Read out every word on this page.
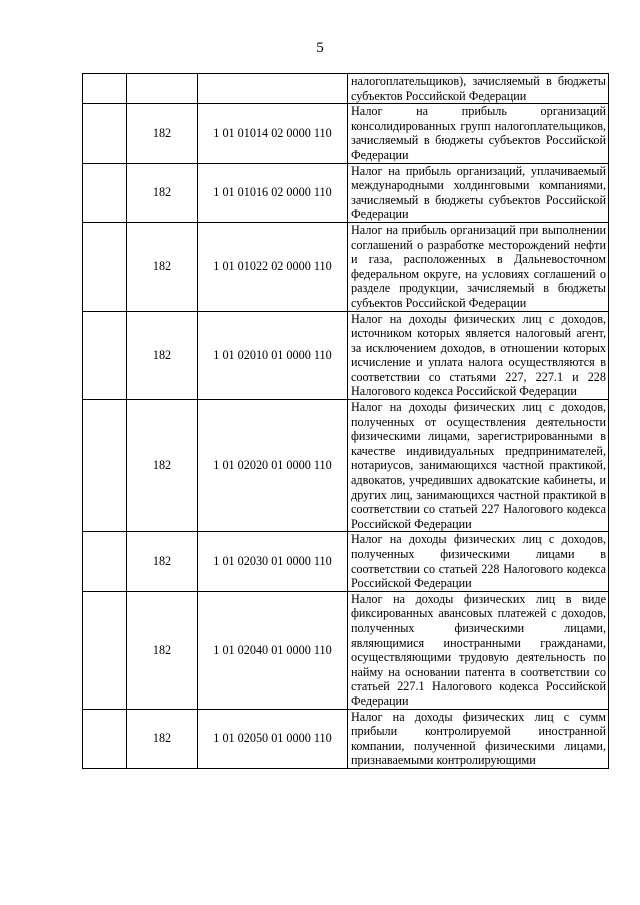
5
			налогоплательщиков), зачисляемый в бюджеты субъектов Российской Федерации
	182	1 01 01014 02 0000 110	Налог на прибыль организаций консолидированных групп налогоплательщиков, зачисляемый в бюджеты субъектов Российской Федерации
	182	1 01 01016 02 0000 110	Налог на прибыль организаций, уплачиваемый международными холдинговыми компаниями, зачисляемый в бюджеты субъектов Российской Федерации
	182	1 01 01022 02 0000 110	Налог на прибыль организаций при выполнении соглашений о разработке месторождений нефти и газа, расположенных в Дальневосточном федеральном округе, на условиях соглашений о разделе продукции, зачисляемый в бюджеты субъектов Российской Федерации
	182	1 01 02010 01 0000 110	Налог на доходы физических лиц с доходов, источником которых является налоговый агент, за исключением доходов, в отношении которых исчисление и уплата налога осуществляются в соответствии со статьями 227, 227.1 и 228 Налогового кодекса Российской Федерации
	182	1 01 02020 01 0000 110	Налог на доходы физических лиц с доходов, полученных от осуществления деятельности физическими лицами, зарегистрированными в качестве индивидуальных предпринимателей, нотариусов, занимающихся частной практикой, адвокатов, учредивших адвокатские кабинеты, и других лиц, занимающихся частной практикой в соответствии со статьей 227 Налогового кодекса Российской Федерации
	182	1 01 02030 01 0000 110	Налог на доходы физических лиц с доходов, полученных физическими лицами в соответствии со статьей 228 Налогового кодекса Российской Федерации
	182	1 01 02040 01 0000 110	Налог на доходы физических лиц в виде фиксированных авансовых платежей с доходов, полученных физическими лицами, являющимися иностранными гражданами, осуществляющими трудовую деятельность по найму на основании патента в соответствии со статьей 227.1 Налогового кодекса Российской Федерации
	182	1 01 02050 01 0000 110	Налог на доходы физических лиц с сумм прибыли контролируемой иностранной компании, полученной физическими лицами, признаваемыми контролирующими
